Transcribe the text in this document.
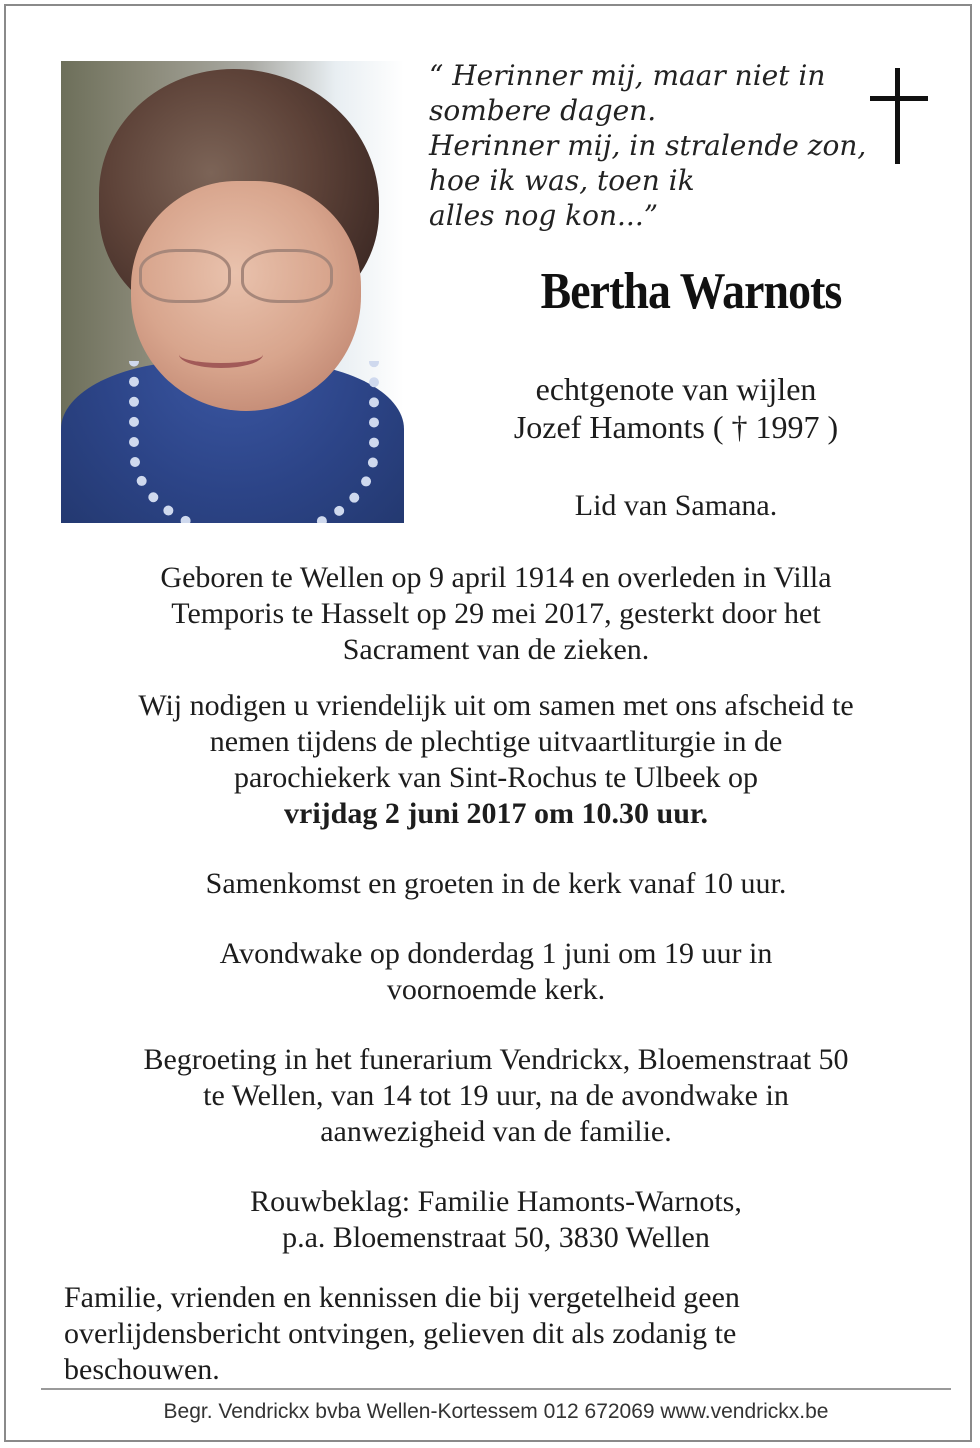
“ Herinner mij, maar niet in
sombere dagen.
Herinner mij, in stralende zon,
hoe ik was, toen ik
alles nog kon...”

Bertha Warnots

echtgenote van wijlen
Jozef Hamonts ( † 1997 )

Lid van Samana.

Geboren te Wellen op 9 april 1914 en overleden in Villa
Temporis te Hasselt op 29 mei 2017, gesterkt door het
Sacrament van de zieken.

Wij nodigen u vriendelijk uit om samen met ons afscheid te
nemen tijdens de plechtige uitvaartliturgie in de
parochiekerk van Sint-Rochus te Ulbeek op
vrijdag 2 juni 2017 om 10.30 uur.

Samenkomst en groeten in de kerk vanaf 10 uur.

Avondwake op donderdag 1 juni om 19 uur in
voornoemde kerk.

Begroeting in het funerarium Vendrickx, Bloemenstraat 50
te Wellen, van 14 tot 19 uur, na de avondwake in
aanwezigheid van de familie.

Rouwbeklag: Familie Hamonts-Warnots,
p.a. Bloemenstraat 50, 3830 Wellen

Familie, vrienden en kennissen die bij vergetelheid geen
overlijdensbericht ontvingen, gelieven dit als zodanig te
beschouwen.

Begr. Vendrickx bvba Wellen-Kortessem 012 672069 www.vendrickx.be
